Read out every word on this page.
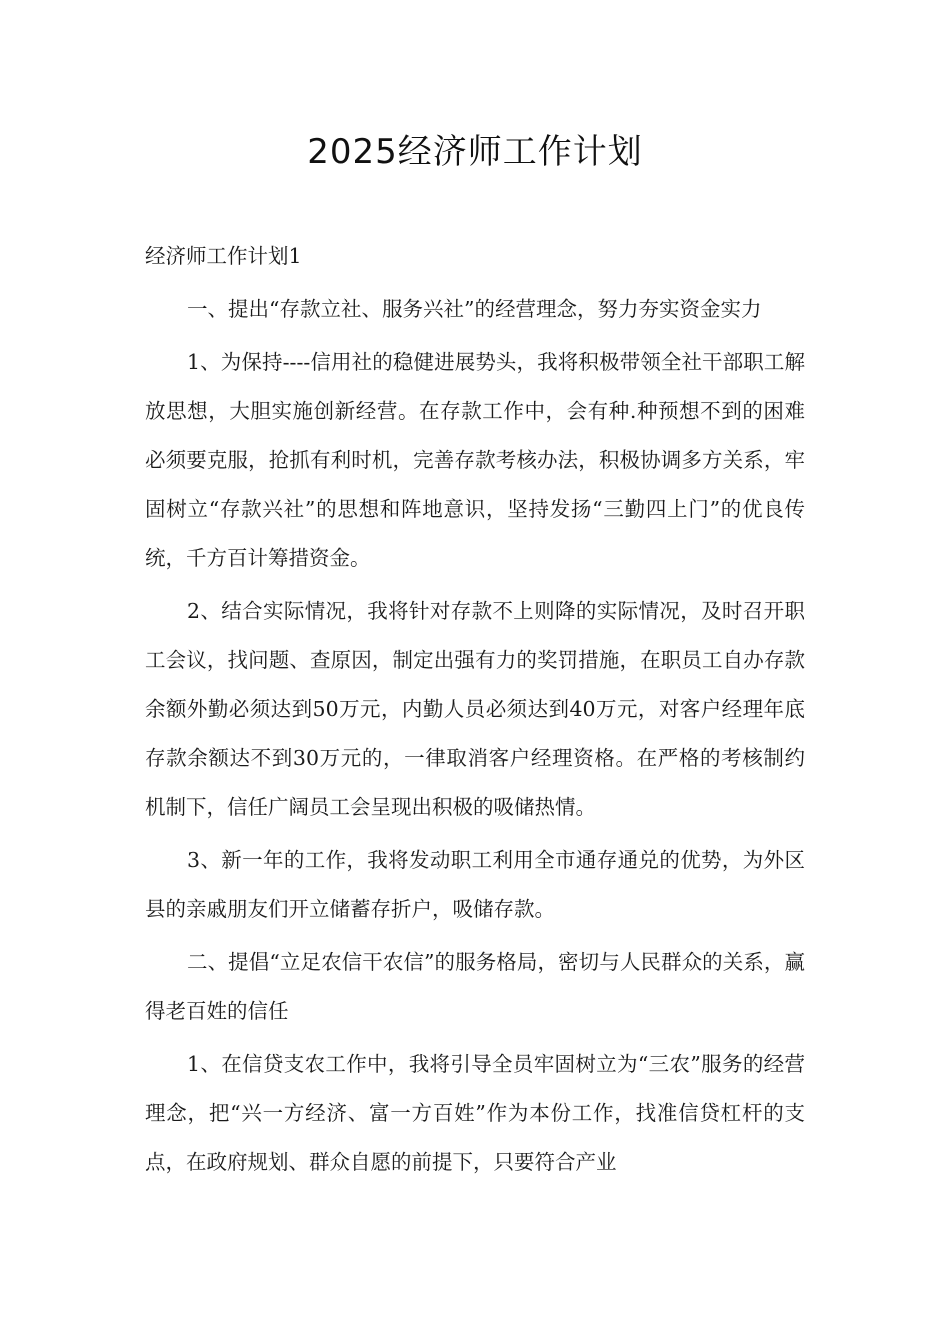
2025经济师工作计划

经济师工作计划1

一、提出“存款立社、服务兴社”的经营理念，努力夯实资金实力

1、为保持----信用社的稳健进展势头，我将积极带领全社干部职工解放思想，大胆实施创新经营。在存款工作中，会有种.种预想不到的困难必须要克服，抢抓有利时机，完善存款考核办法，积极协调多方关系，牢固树立“存款兴社”的思想和阵地意识，坚持发扬“三勤四上门”的优良传统，千方百计筹措资金。

2、结合实际情况，我将针对存款不上则降的实际情况，及时召开职工会议，找问题、查原因，制定出强有力的奖罚措施，在职员工自办存款余额外勤必须达到50万元，内勤人员必须达到40万元，对客户经理年底存款余额达不到30万元的，一律取消客户经理资格。在严格的考核制约机制下，信任广阔员工会呈现出积极的吸储热情。

3、新一年的工作，我将发动职工利用全市通存通兑的优势，为外区县的亲戚朋友们开立储蓄存折户，吸储存款。

二、提倡“立足农信干农信”的服务格局，密切与人民群众的关系，赢得老百姓的信任

1、在信贷支农工作中，我将引导全员牢固树立为“三农”服务的经营理念，把“兴一方经济、富一方百姓”作为本份工作，找准信贷杠杆的支点，在政府规划、群众自愿的前提下，只要符合产业
